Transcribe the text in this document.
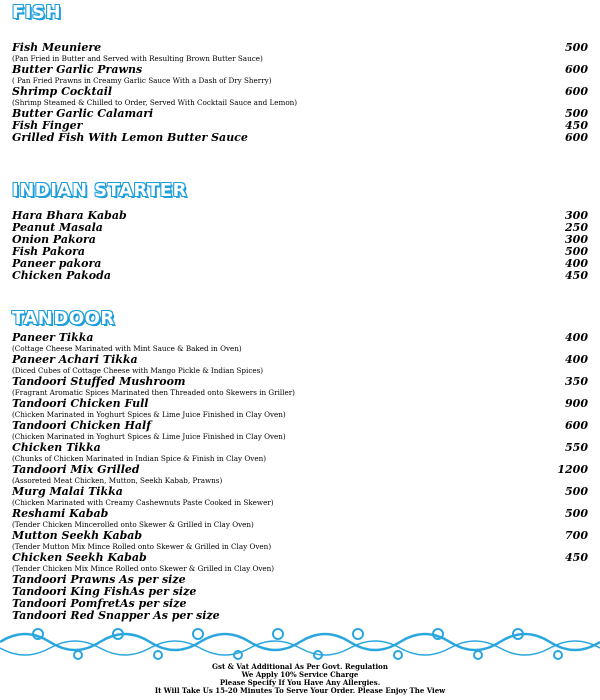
FISH
Fish Meuniere	500
(Pan Fried in Butter and Served with Resulting Brown Butter Sauce)
Butter Garlic Prawns	600
( Pan Fried Prawns in Creamy Garlic Sauce With a Dash of Dry Sherry)
Shrimp Cocktail	600
(Shrimp Steamed & Chilled to Order, Served With Cocktail Sauce and Lemon)
Butter Garlic Calamari	500
Fish Finger	450
Grilled Fish With Lemon Butter Sauce	600
INDIAN STARTER
Hara Bhara Kabab	300
Peanut Masala	250
Onion Pakora	300
Fish Pakora	500
Paneer pakora	400
Chicken Pakoda	450
TANDOOR
Paneer Tikka	400
(Cottage Cheese Marinated with Mint Sauce & Baked in Oven)
Paneer Achari Tikka	400
(Diced Cubes of Cottage Cheese with Mango Pickle & Indian Spices)
Tandoori Stuffed Mushroom	350
(Fragrant Aromatic Spices Marinated then Threaded onto Skewers in Griller)
Tandoori Chicken Full	900
(Chicken Marinated in Yoghurt Spices & Lime Juice Finished in Clay Oven)
Tandoori Chicken Half	600
(Chicken Marinated in Yoghurt Spices & Lime Juice Finished in Clay Oven)
Chicken Tikka	550
(Chunks of Chicken Marinated in Indian Spice & Finish in Clay Oven)
Tandoori Mix Grilled	1200
(Assoreted Meat Chicken, Mutton, Seekh Kabab, Prawns)
Murg Malai Tikka	500
(Chicken Marinated with Creamy Cashewnuts Paste Cooked in Skewer)
Reshami Kabab	500
(Tender Chicken Mincerolled onto Skewer & Grilled in Clay Oven)
Mutton Seekh Kabab	700
(Tender Mutton Mix Mince Rolled onto Skewer & Grilled in Clay Oven)
Chicken Seekh Kabab	450
(Tender Chicken Mix Mince Rolled onto Skewer & Grilled in Clay Oven)
Tandoori Prawns As per size
Tandoori King FishAs per size
Tandoori PomfretAs per size
Tandoori Red Snapper As per size
Gst & Vat Additional As Per Govt. Regulation
We Apply 10% Service Charge
Please Specify If You Have Any Allergies.
It Will Take Us 15-20 Minutes To Serve Your Order. Please Enjoy The View
